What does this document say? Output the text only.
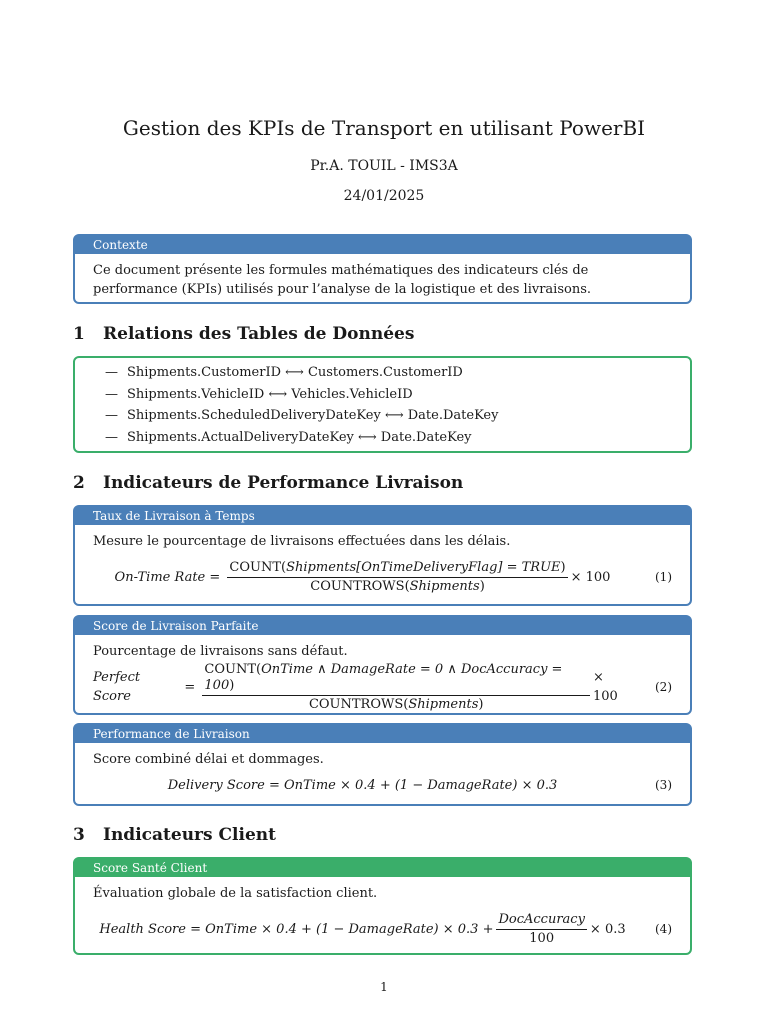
Gestion des KPIs de Transport en utilisant PowerBI
Pr.A. TOUIL - IMS3A
24/01/2025
Contexte
Ce document présente les formules mathématiques des indicateurs clés de performance (KPIs) utilisés pour l’analyse de la logistique et des livraisons.
1 Relations des Tables de Données
— Shipments.CustomerID ⟷ Customers.CustomerID
— Shipments.VehicleID ⟷ Vehicles.VehicleID
— Shipments.ScheduledDeliveryDateKey ⟷ Date.DateKey
— Shipments.ActualDeliveryDateKey ⟷ Date.DateKey
2 Indicateurs de Performance Livraison
Taux de Livraison à Temps
Mesure le pourcentage de livraisons effectuées dans les délais.
On-Time Rate = $\frac{\text{COUNT(Shipments[OnTimeDeliveryFlag] = TRUE)}}{\text{COUNTROWS(Shipments)}} \times 100$	(1)
Score de Livraison Parfaite
Pourcentage de livraisons sans défaut.
Perfect Score
= $\frac{\text{COUNT(OnTime ∧ DamageRate = 0 ∧ DocAccuracy = 100)}}{\text{COUNTROWS(Shipments)}} \times 100$
(2)
Performance de Livraison
Score combiné délai et dommages.
Delivery Score = OnTime × 0.4 + (1 − DamageRate) × 0.3	(3)
3 Indicateurs Client
Score Santé Client
Évaluation globale de la satisfaction client.
Health Score = OnTime × 0.4 + (1 − DamageRate) × $0.3 + \frac{\text{DocAccuracy}}{100} \times 0.3$ (4)
1
